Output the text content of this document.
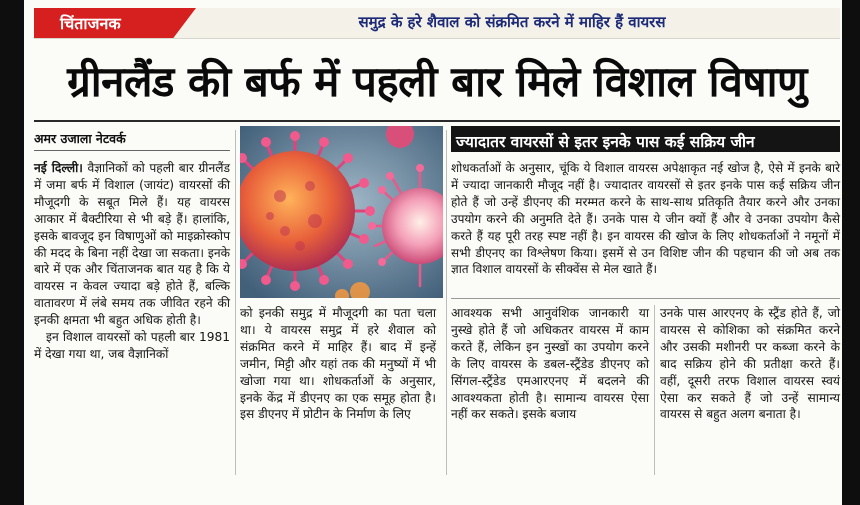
चिंताजनक	समुद्र के हरे शैवाल को संक्रमित करने में माहिर हैं वायरस
ग्रीनलैंड की बर्फ में पहली बार मिले विशाल विषाणु
अमर उजाला नेटवर्क

नई दिल्ली। वैज्ञानिकों को पहली बार ग्रीनलैंड में जमा बर्फ में विशाल (जायंट) वायरसों की मौजूदगी के सबूत मिले हैं। यह वायरस आकार में बैक्टीरिया से भी बड़े हैं। हालांकि, इसके बावजूद इन विषाणुओं को माइक्रोस्कोप की मदद के बिना नहीं देखा जा सकता। इनके बारे में एक और चिंताजनक बात यह है कि ये वायरस न केवल ज्यादा बड़े होते हैं, बल्कि वातावरण में लंबे समय तक जीवित रहने की इनकी क्षमता भी बहुत अधिक होती है।

इन विशाल वायरसों को पहली बार 1981 में देखा गया था, जब वैज्ञानिकों

को इनकी समुद्र में मौजूदगी का पता चला था। ये वायरस समुद्र में हरे शैवाल को संक्रमित करने में माहिर हैं। बाद में इन्हें जमीन, मिट्टी और यहां तक की मनुष्यों में भी खोजा गया था। शोधकर्ताओं के अनुसार, इनके केंद्र में डीएनए का एक समूह होता है। इस डीएनए में प्रोटीन के निर्माण के लिए
ज्यादातर वायरसों से इतर इनके पास कई सक्रिय जीन

शोधकर्ताओं के अनुसार, चूंकि ये विशाल वायरस अपेक्षाकृत नई खोज है, ऐसे में इनके बारे में ज्यादा जानकारी मौजूद नहीं है। ज्यादातर वायरसों से इतर इनके पास कई सक्रिय जीन होते हैं जो उन्हें डीएनए की मरम्मत करने के साथ-साथ प्रतिकृति तैयार करने और उनका उपयोग करने की अनुमति देते हैं। उनके पास ये जीन क्यों हैं और वे उनका उपयोग कैसे करते हैं यह पूरी तरह स्पष्ट नहीं है। इन वायरस की खोज के लिए शोधकर्ताओं ने नमूनों में सभी डीएनए का विश्लेषण किया। इसमें से उन विशिष्ट जीन की पहचान की जो अब तक ज्ञात विशाल वायरसों के सीक्वेंस से मेल खाते हैं।

आवश्यक सभी आनुवंशिक जानकारी या नुस्खे होते हैं जो अधिकतर वायरस में काम करते हैं, लेकिन इन नुस्खों का उपयोग करने के लिए वायरस के डबल-स्ट्रैंडेड डीएनए को सिंगल-स्ट्रैंडेड एमआरएनए में बदलने की आवश्यकता होती है। सामान्य वायरस ऐसा नहीं कर सकते। इसके बजाय
उनके पास आरएनए के स्ट्रैंड होते हैं, जो वायरस से कोशिका को संक्रमित करने और उसकी मशीनरी पर कब्जा करने के बाद सक्रिय होने की प्रतीक्षा करते हैं। वहीं, दूसरी तरफ विशाल वायरस स्वयं ऐसा कर सकते हैं जो उन्हें सामान्य वायरस से बहुत अलग बनाता है।
